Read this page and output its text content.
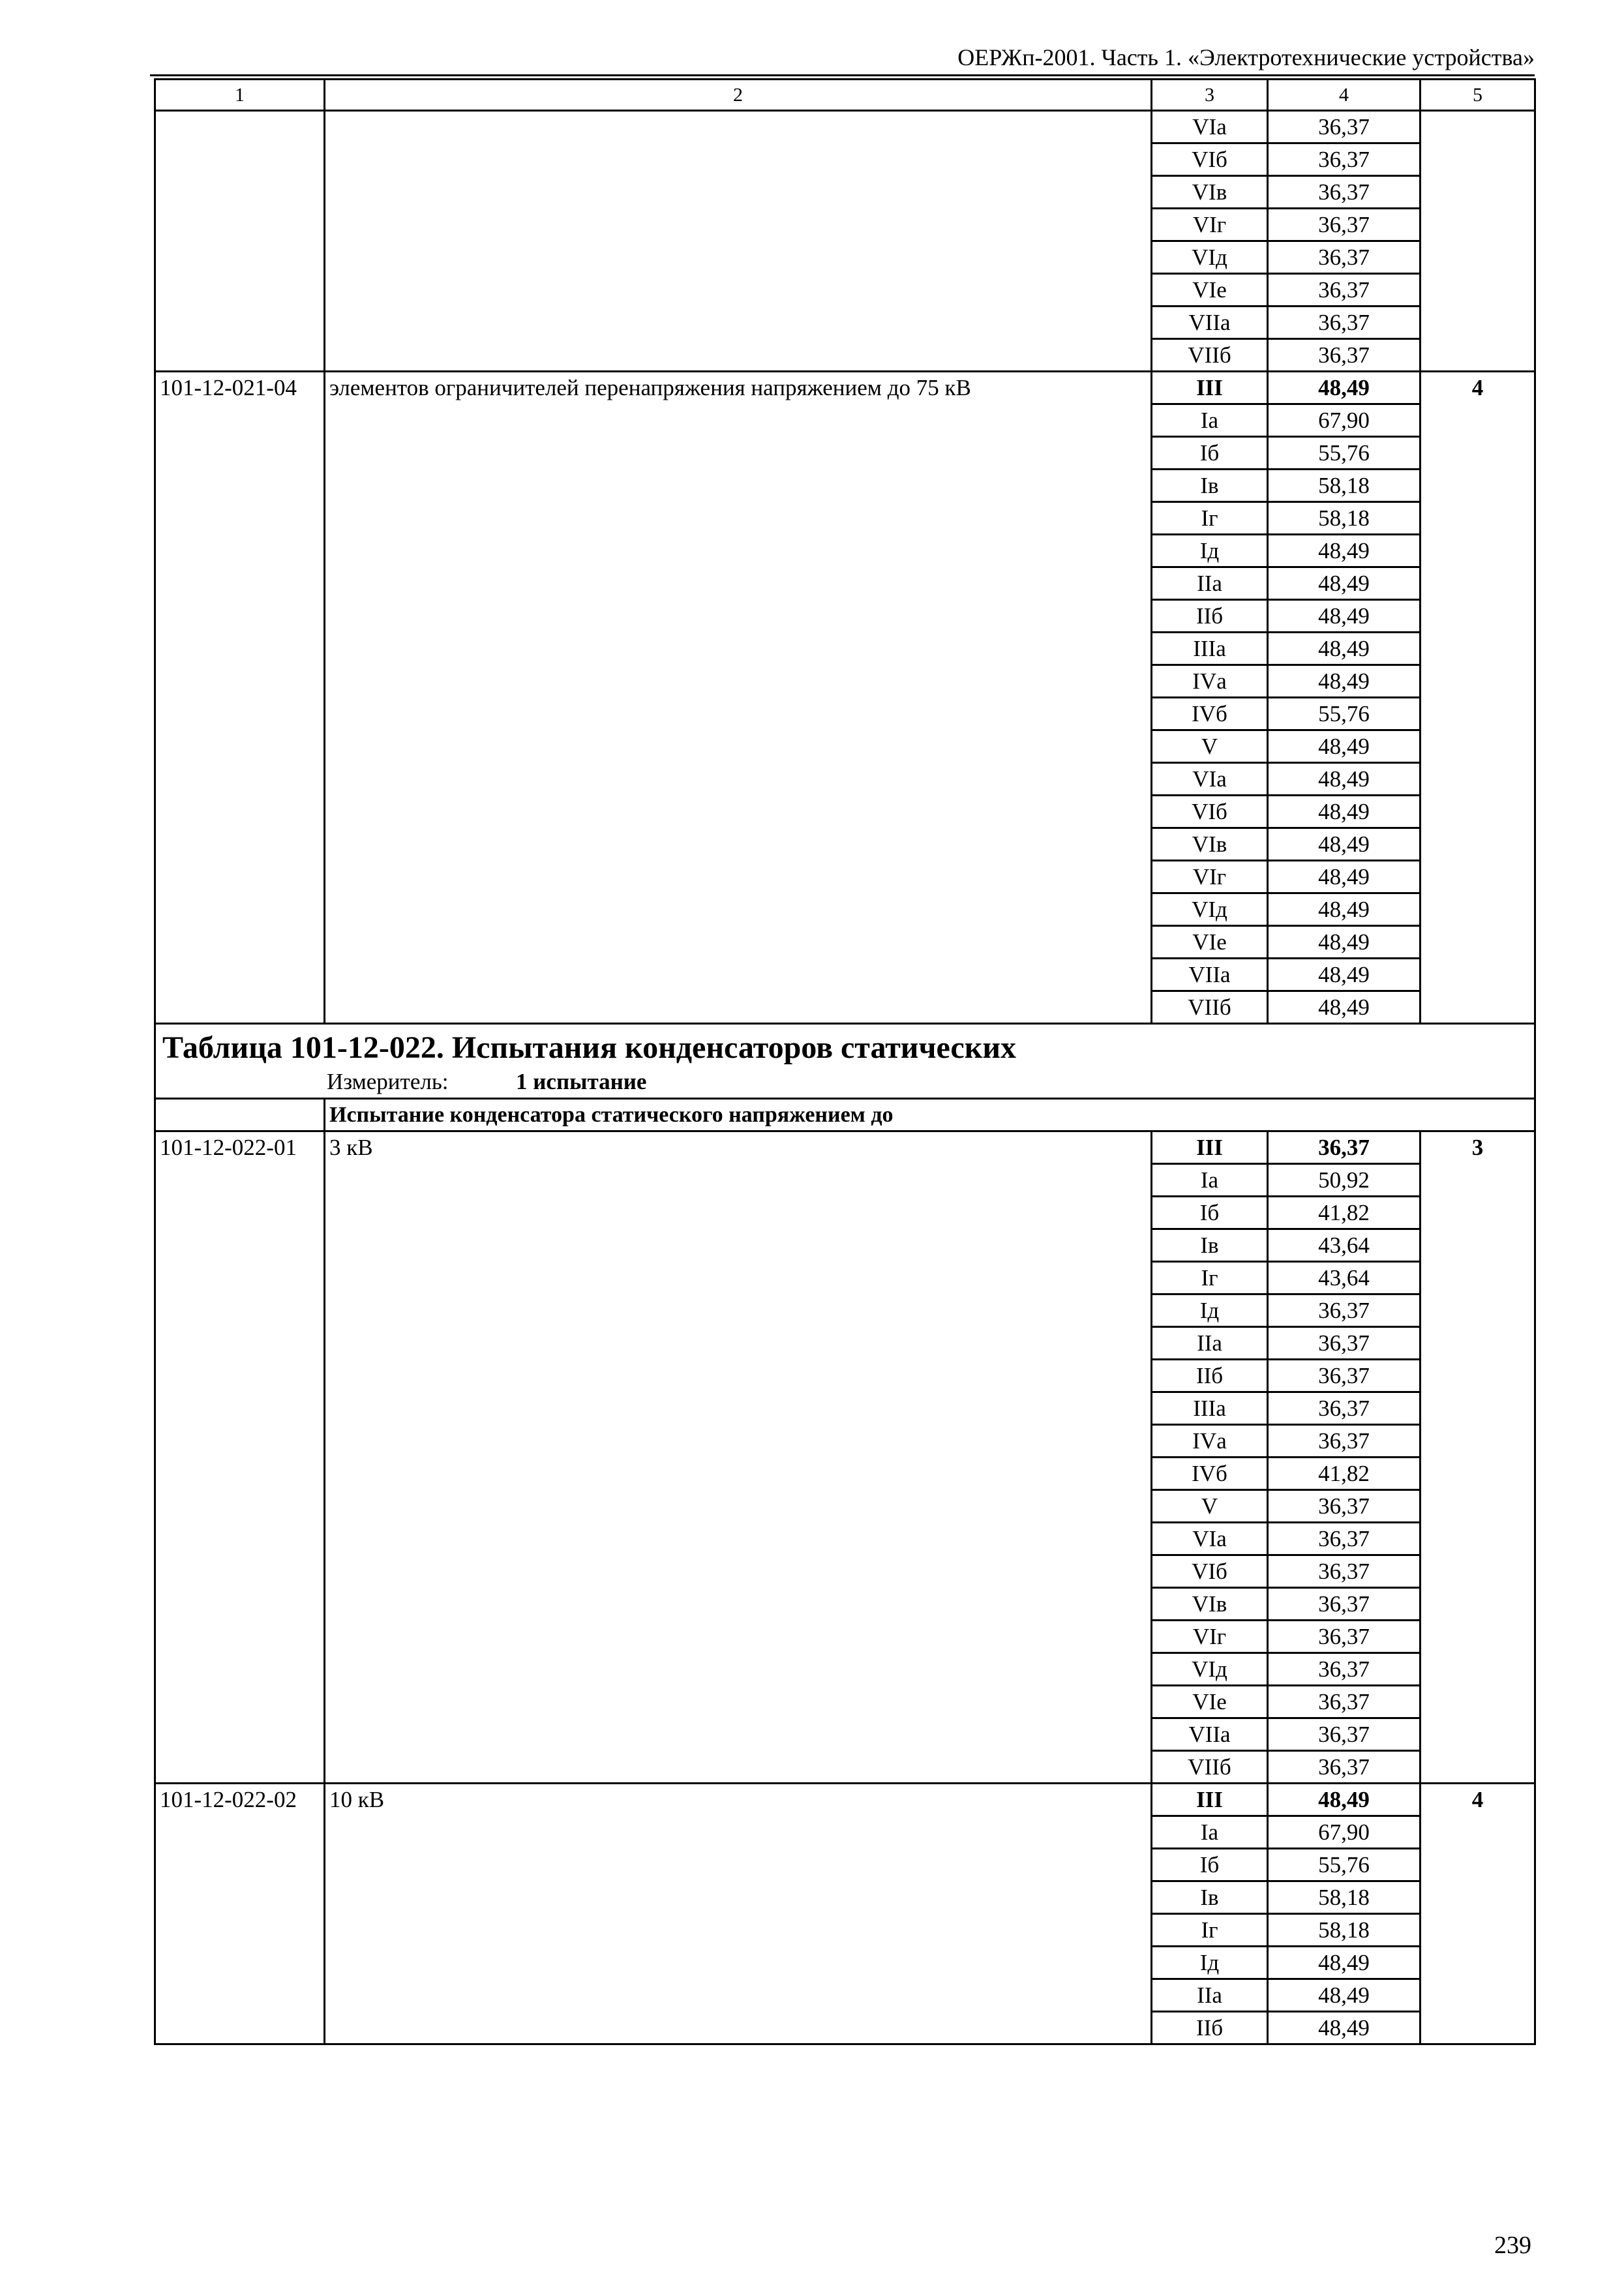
ОЕРЖп-2001. Часть 1. «Электротехнические устройства»
1	2	3	4	5
		VIа	36,37	
		VIб	36,37	
		VIв	36,37	
		VIг	36,37	
		VIд	36,37	
		VIе	36,37	
		VIIа	36,37	
		VIIб	36,37	
101-12-021-04	элементов ограничителей перенапряжения напряжением до 75 кВ	III	48,49	4
		Iа	67,90	
		Iб	55,76	
		Iв	58,18	
		Iг	58,18	
		Iд	48,49	
		IIа	48,49	
		IIб	48,49	
		IIIа	48,49	
		IVа	48,49	
		IVб	55,76	
		V	48,49	
		VIа	48,49	
		VIб	48,49	
		VIв	48,49	
		VIг	48,49	
		VIд	48,49	
		VIе	48,49	
		VIIа	48,49	
		VIIб	48,49	

Таблица 101-12-022. Испытания конденсаторов статических
Измеритель: 1 испытание				

	Испытание конденсатора статического напряжением до			
101-12-022-01	3 кВ	III	36,37	3
		Iа	50,92	
		Iб	41,82	
		Iв	43,64	
		Iг	43,64	
		Iд	36,37	
		IIа	36,37	
		IIб	36,37	
		IIIа	36,37	
		IVа	36,37	
		IVб	41,82	
		V	36,37	
		VIа	36,37	
		VIб	36,37	
		VIв	36,37	
		VIг	36,37	
		VIд	36,37	
		VIе	36,37	
		VIIа	36,37	
		VIIб	36,37	
101-12-022-02	10 кВ	III	48,49	4
		Iа	67,90	
		Iб	55,76	
		Iв	58,18	
		Iг	58,18	
		Iд	48,49	
		IIа	48,49	
		IIб	48,49	
239
